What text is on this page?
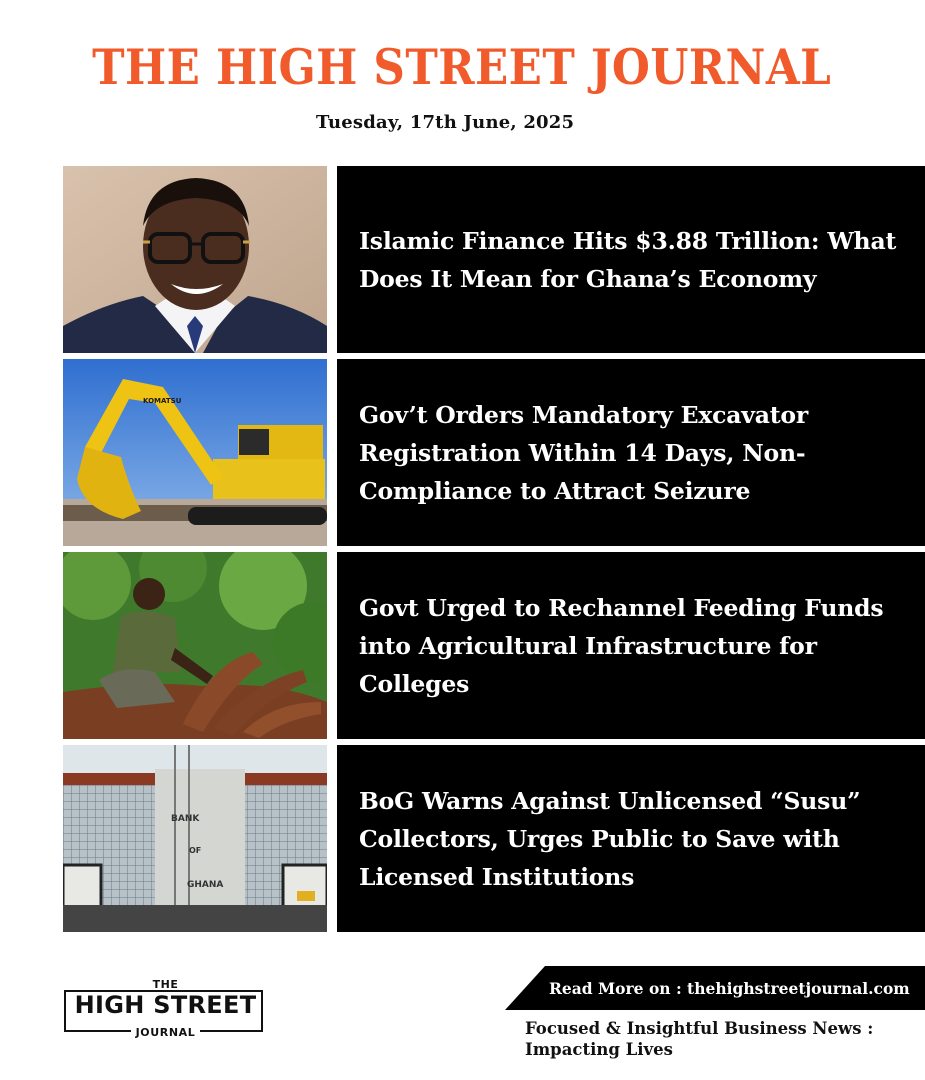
THE HIGH STREET JOURNAL
Tuesday, 17th June, 2025
Islamic Finance Hits $3.88 Trillion: What Does It Mean for Ghana’s Economy
KOMATSU	Gov’t Orders Mandatory Excavator Registration Within 14 Days, Non-Compliance to Attract Seizure
Govt Urged to Rechannel Feeding Funds into Agricultural Infrastructure for Colleges
BANK
OF
GHANA
BoG Warns Against Unlicensed “Susu” Collectors, Urges Public to Save with Licensed Institutions
THE
HIGH STREET
JOURNAL
Read More on : thehighstreetjournal.com
Focused & Insightful Business News : Impacting Lives
